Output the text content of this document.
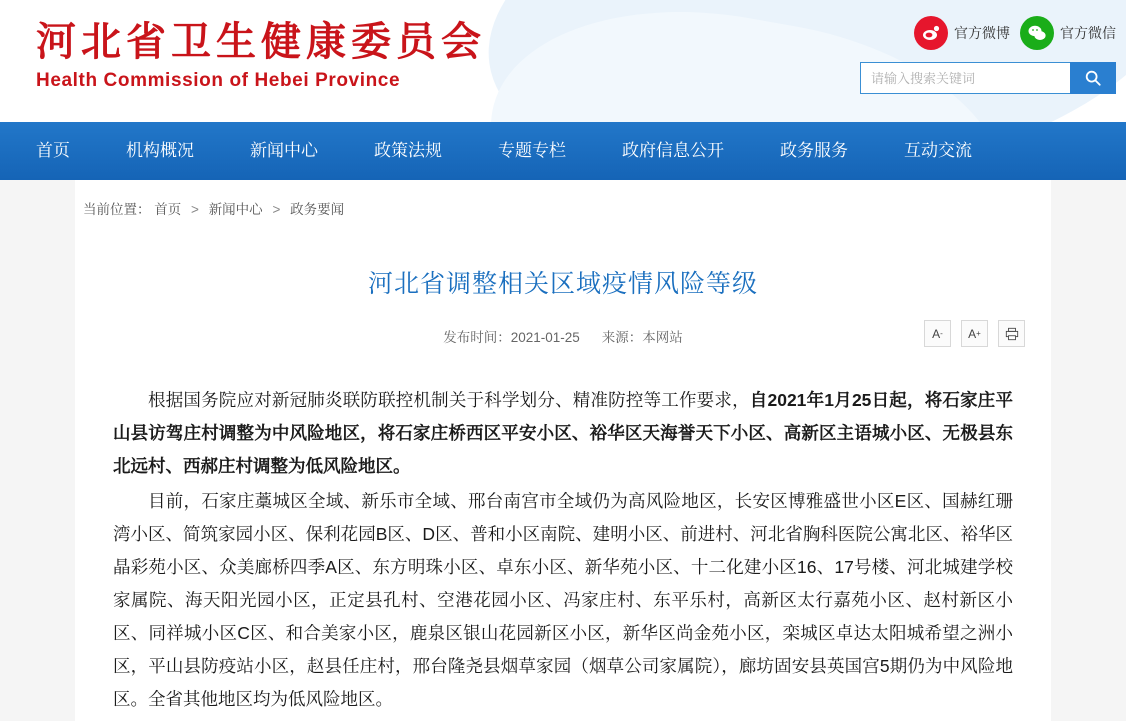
河北省卫生健康委员会
Health Commission of Hebei Province
官方微博	官方微信
请输入搜索关键词
首页	机构概况	新闻中心	政策法规	专题专栏	政府信息公开	政务服务	互动交流
当前位置： 首页 > 新闻中心 > 政务要闻
河北省调整相关区域疫情风险等级
发布时间：2021-01-25 来源：本网站	A - A +

根据国务院应对新冠肺炎联防联控机制关于科学划分、精准防控等工作要求，自2021年1月25日起，将石家庄平山县访驾庄村调整为中风险地区，将石家庄桥西区平安小区、裕华区天海誉天下小区、高新区主语城小区、无极县东北远村、西郝庄村调整为低风险地区。

目前，石家庄藁城区全域、新乐市全域、邢台南宫市全域仍为高风险地区，长安区博雅盛世小区E区、国赫红珊湾小区、简筑家园小区、保利花园B区、D区、普和小区南院、建明小区、前进村、河北省胸科医院公寓北区、裕华区晶彩苑小区、众美廊桥四季A区、东方明珠小区、卓东小区、新华苑小区、十二化建小区16、17号楼、河北城建学校家属院、海天阳光园小区，正定县孔村、空港花园小区、冯家庄村、东平乐村，高新区太行嘉苑小区、赵村新区小区、同祥城小区C区、和合美家小区，鹿泉区银山花园新区小区，新华区尚金苑小区，栾城区卓达太阳城希望之洲小区，平山县防疫站小区，赵县任庄村，邢台隆尧县烟草家园（烟草公司家属院），廊坊固安县英国宫5期仍为中风险地区。全省其他地区均为低风险地区。
